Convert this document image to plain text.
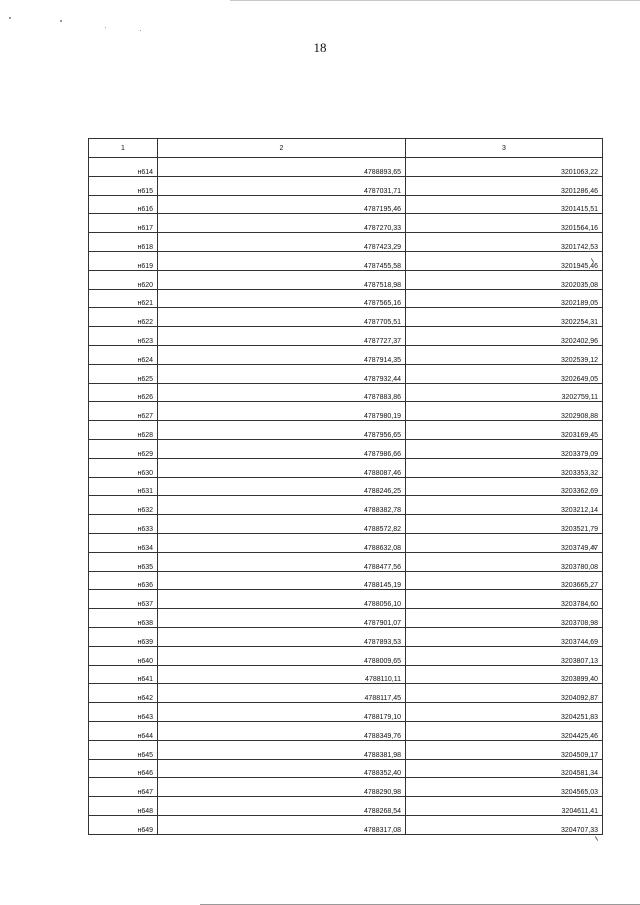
18
1	2	3
н614	4788893,65	3201063,22
н615	4787031,71	3201286,46
н616	4787195,46	3201415,51
н617	4787270,33	3201564,16
н618	4787423,29	3201742,53
н619	4787455,58	3201945,46
н620	4787518,98	3202035,08
н621	4787565,16	3202189,05
н622	4787705,51	3202254,31
н623	4787727,37	3202402,96
н624	4787914,35	3202539,12
н625	4787932,44	3202649,05
н626	4787883,86	3202759,11
н627	4787980,19	3202908,88
н628	4787956,65	3203169,45
н629	4787986,66	3203379,09
н630	4788087,46	3203353,32
н631	4788246,25	3203362,69
н632	4788382,78	3203212,14
н633	4788572,82	3203521,79
н634	4788632,08	3203749,47
н635	4788477,56	3203780,08
н636	4788145,19	3203665,27
н637	4788056,10	3203784,60
н638	4787901,07	3203708,98
н639	4787893,53	3203744,69
н640	4788009,65	3203807,13
н641	4788110,11	3203899,40
н642	4788117,45	3204092,87
н643	4788179,10	3204251,83
н644	4788349,76	3204425,46
н645	4788381,98	3204509,17
н646	4788352,40	3204581,34
н647	4788290,98	3204565,03
н648	4788268,54	3204611,41
н649	4788317,08	3204707,33
